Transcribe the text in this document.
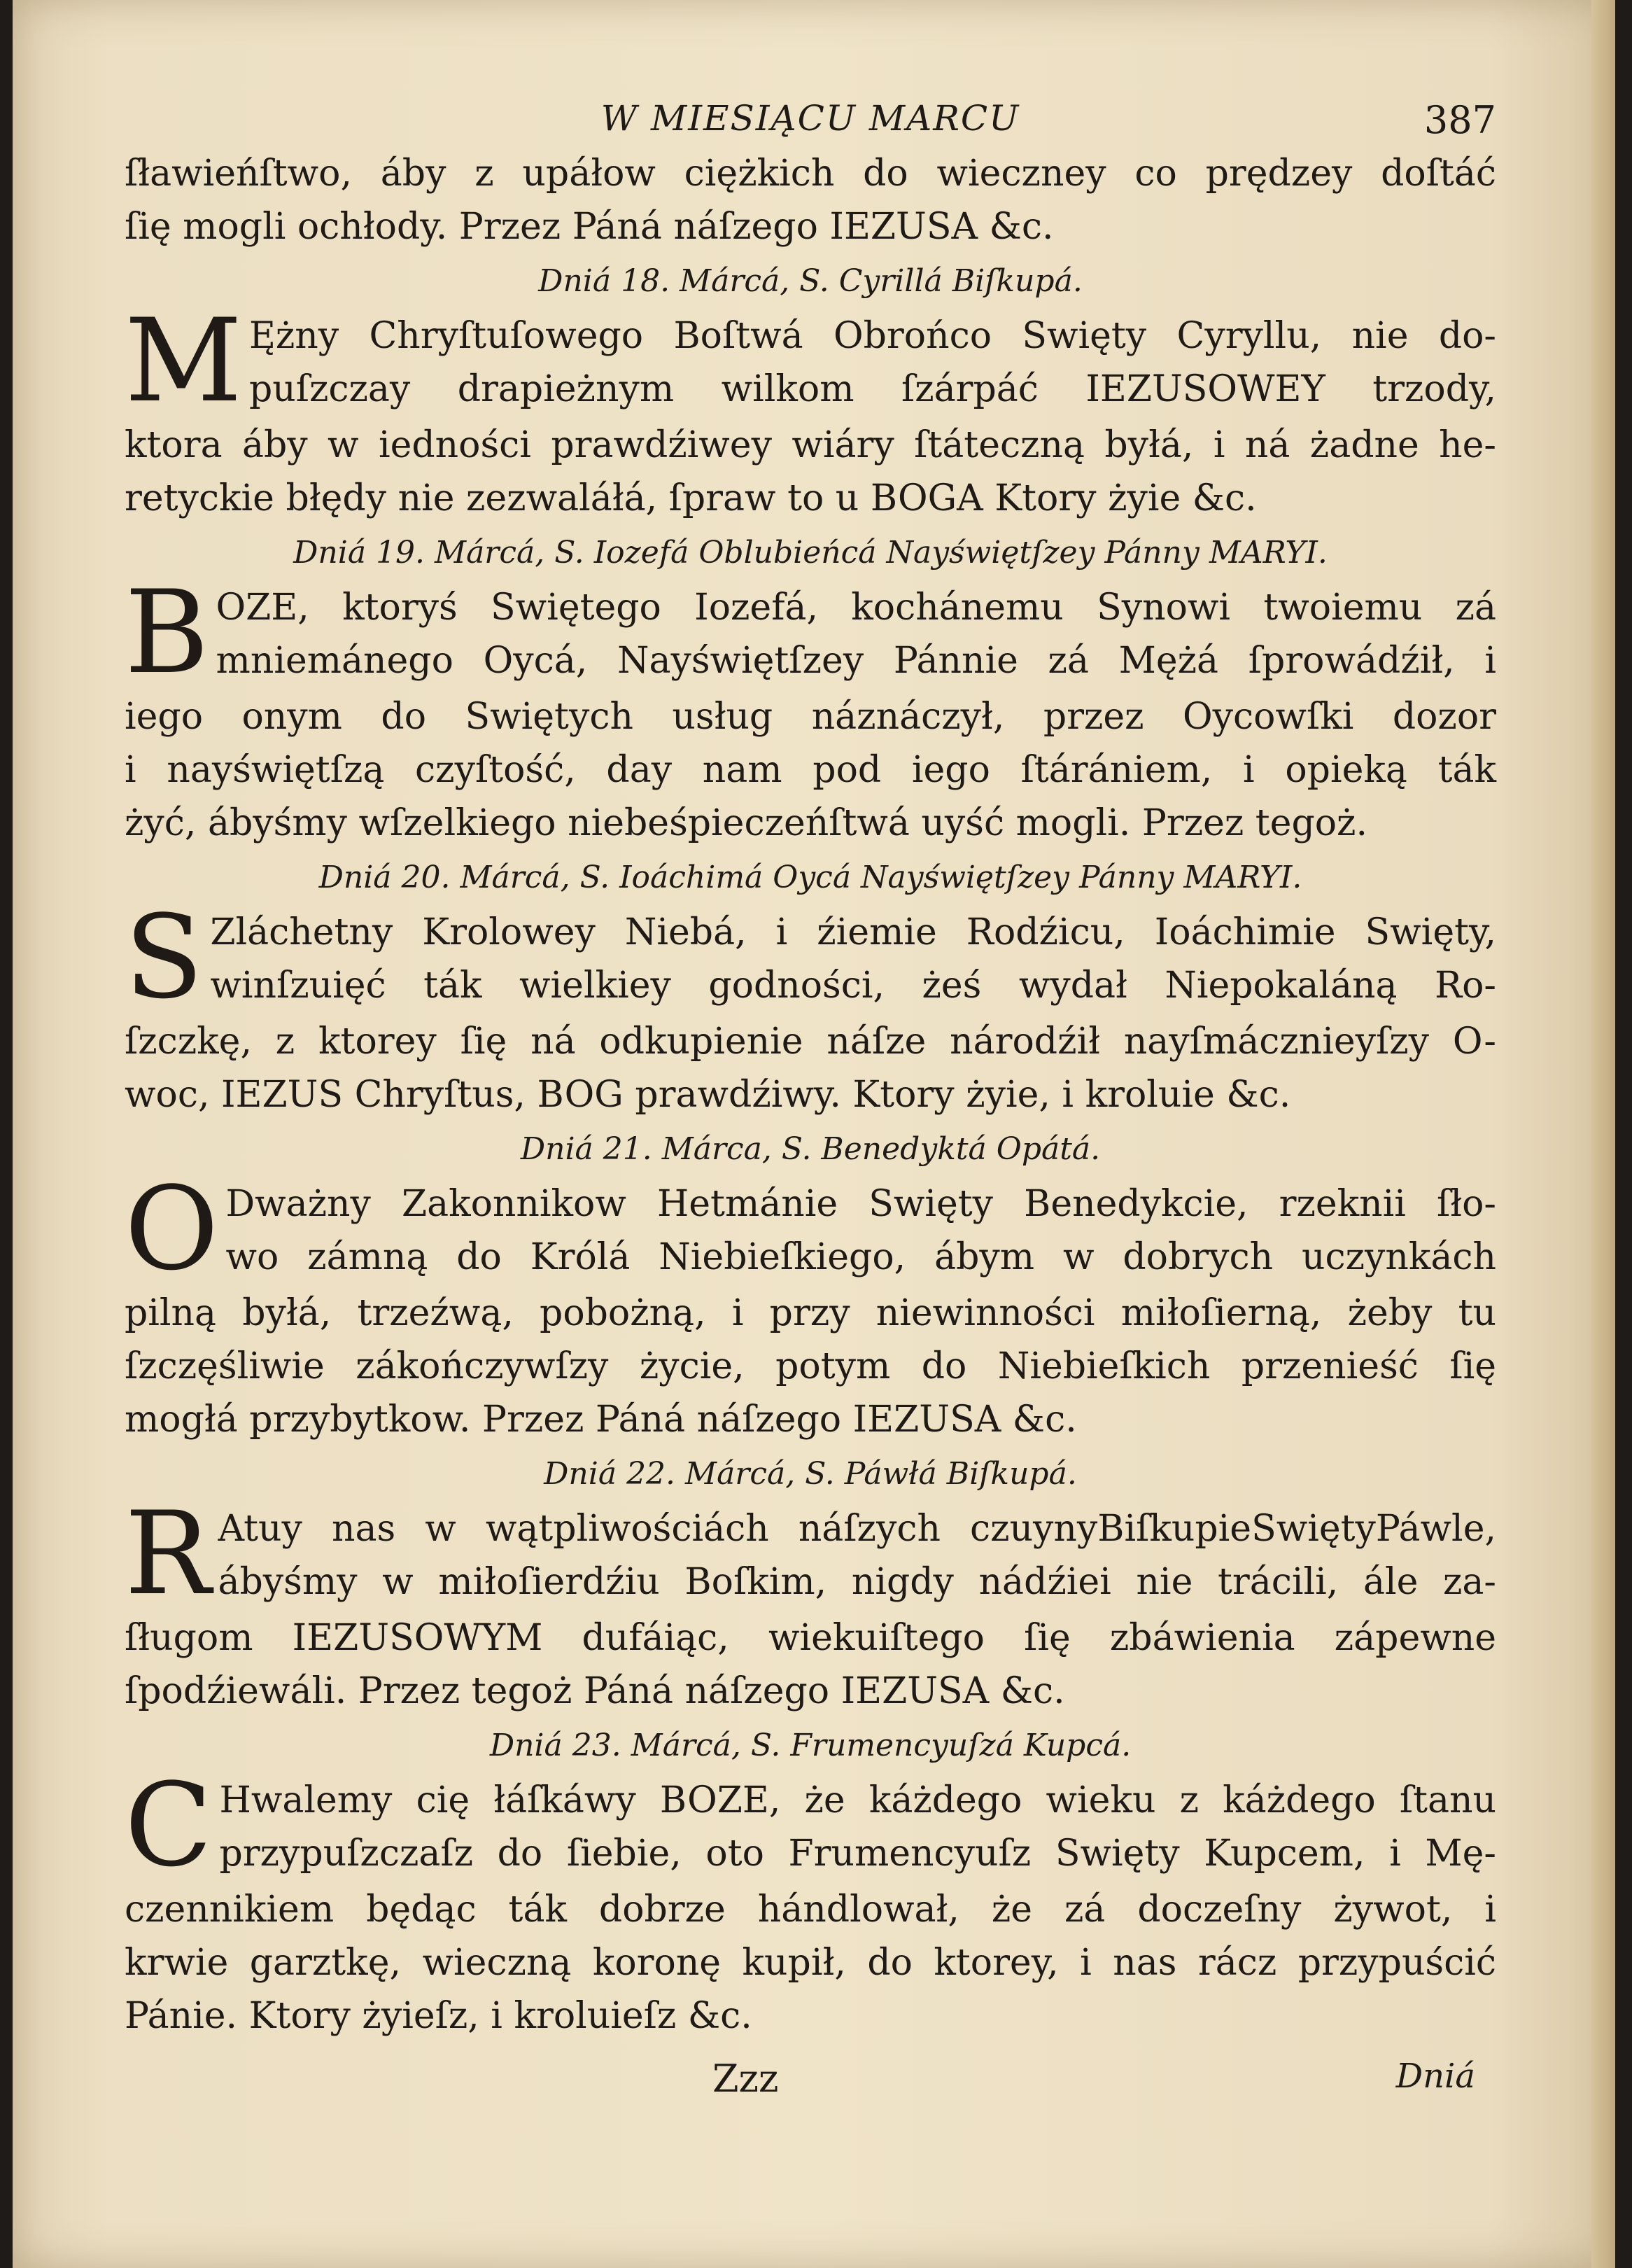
W MIESIĄCU MARCU	387
ſławieńſtwo, áby z upáłow ciężkich do wieczney co prędzey doſtáć
ſię mogli ochłody. Przez Páná náſzego IEZUSA &c.
Dniá 18. Márcá, S. Cyrillá Biſkupá.
M Ężny Chryſtuſowego Boſtwá Obrońco Swięty Cyryllu, nie do-
puſzczay drapieżnym wilkom ſzárpáć IEZUSOWEY trzody,
ktora áby w iedności prawdźiwey wiáry ſtáteczną byłá, i ná żadne he-
retyckie błędy nie zezwaláłá, ſpraw to u BOGA Ktory żyie &c.
Dniá 19. Márcá, S. Iozefá Oblubieńcá Nayświętſzey Pánny MARYI.
B OZE, ktoryś Swiętego Iozefá, kochánemu Synowi twoiemu zá
mniemánego Oycá, Nayświętſzey Pánnie zá Mężá ſprowádźił, i
iego onym do Swiętych usług náznáczył, przez Oycowſki dozor
i nayświętſzą czyſtość, day nam pod iego ſtárániem, i opieką ták
żyć, ábyśmy wſzelkiego niebeśpieczeńſtwá uyść mogli. Przez tegoż.
Dniá 20. Márcá, S. Ioáchimá Oycá Nayświętſzey Pánny MARYI.
S Zláchetny Krolowey Niebá, i źiemie Rodźicu, Ioáchimie Swięty,
winſzuięć ták wielkiey godności, żeś wydał Niepokaláną Ro-
ſzczkę, z ktorey ſię ná odkupienie náſze národźił nayſmácznieyſzy O-
woc, IEZUS Chryſtus, BOG prawdźiwy. Ktory żyie, i kroluie &c.
Dniá 21. Márca, S. Benedyktá Opátá.
O Dważny Zakonnikow Hetmánie Swięty Benedykcie, rzeknii ſło-
wo zámną do Królá Niebieſkiego, ábym w dobrych uczynkách
pilną byłá, trzeźwą, pobożną, i przy niewinności miłoſierną, żeby tu
ſzczęśliwie zákończywſzy życie, potym do Niebieſkich przenieść ſię
mogłá przybytkow. Przez Páná náſzego IEZUSA &c.
Dniá 22. Márcá, S. Páwłá Biſkupá.
R Atuy nas w wątpliwościách náſzych czuynyBiſkupieSwiętyPáwle,
ábyśmy w miłoſierdźiu Boſkim, nigdy nádźiei nie trácili, ále za-
ſługom IEZUSOWYM dufáiąc, wiekuiſtego ſię zbáwienia zápewne
ſpodźiewáli. Przez tegoż Páná náſzego IEZUSA &c.
Dniá 23. Márcá, S. Frumencyuſzá Kupcá.
C Hwalemy cię łáſkáwy BOZE, że káżdego wieku z káżdego ſtanu
przypuſzczaſz do ſiebie, oto Frumencyuſz Swięty Kupcem, i Mę-
czennikiem będąc ták dobrze hándlował, że zá doczeſny żywot, i
krwie garztkę, wieczną koronę kupił, do ktorey, i nas rácz przypuścić
Pánie. Ktory żyieſz, i kroluieſz &c.
Zzz	Dniá
